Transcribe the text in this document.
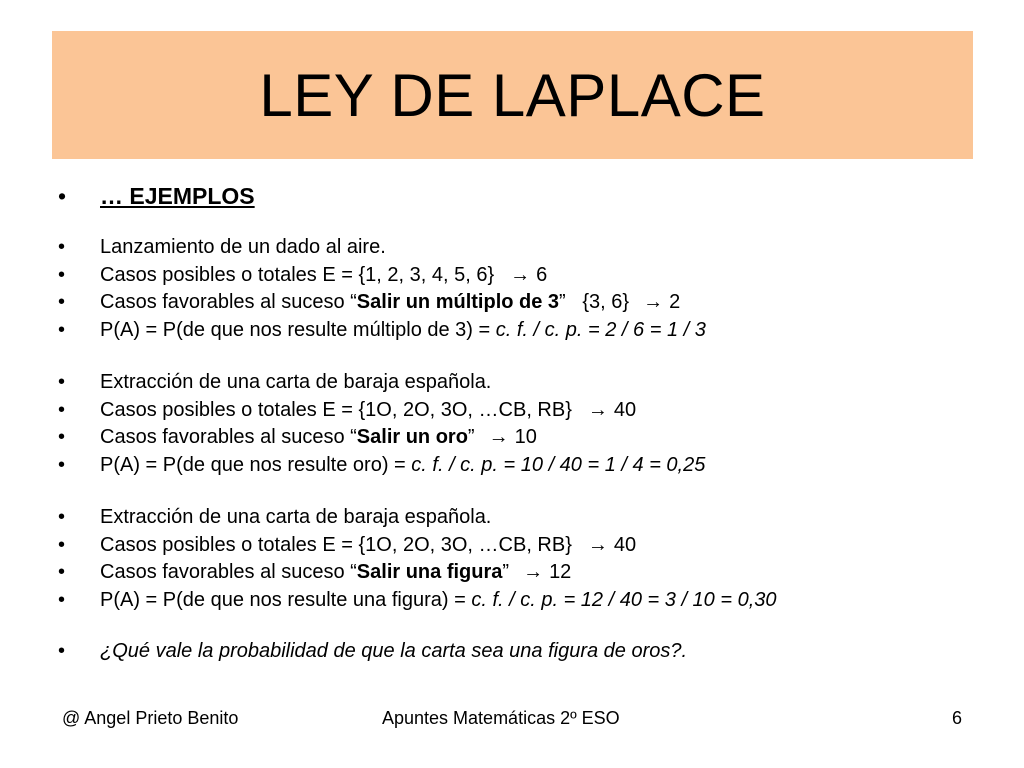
LEY DE LAPLACE
•	… EJEMPLOS
•	Lanzamiento de un dado al aire.
•	Casos posibles o totales E = {1, 2, 3, 4, 5, 6} → 6
•	Casos favorables al suceso “ Salir un múltiplo de 3 ”   {3, 6} → 2
•	P(A) = P(de que nos resulte múltiplo de 3) = c. f. / c. p. = 2 / 6 = 1 / 3
•	Extracción de una carta de baraja española.
•	Casos posibles o totales E = {1O, 2O, 3O, …CB, RB} → 40
•	Casos favorables al suceso “ Salir un oro ” → 10
•	P(A) = P(de que nos resulte oro) = c. f. / c. p. = 10 / 40 = 1 / 4 = 0,25
•	Extracción de una carta de baraja española.
•	Casos posibles o totales E = {1O, 2O, 3O, …CB, RB} → 40
•	Casos favorables al suceso “ Salir una figura ” → 12
•	P(A) = P(de que nos resulte una figura) = c. f. / c. p. = 12 / 40 = 3 / 10 = 0,30
•	¿Qué vale la probabilidad de que la carta sea una figura de oros?.
@ Angel Prieto Benito	Apuntes Matemáticas 2º ESO	6
